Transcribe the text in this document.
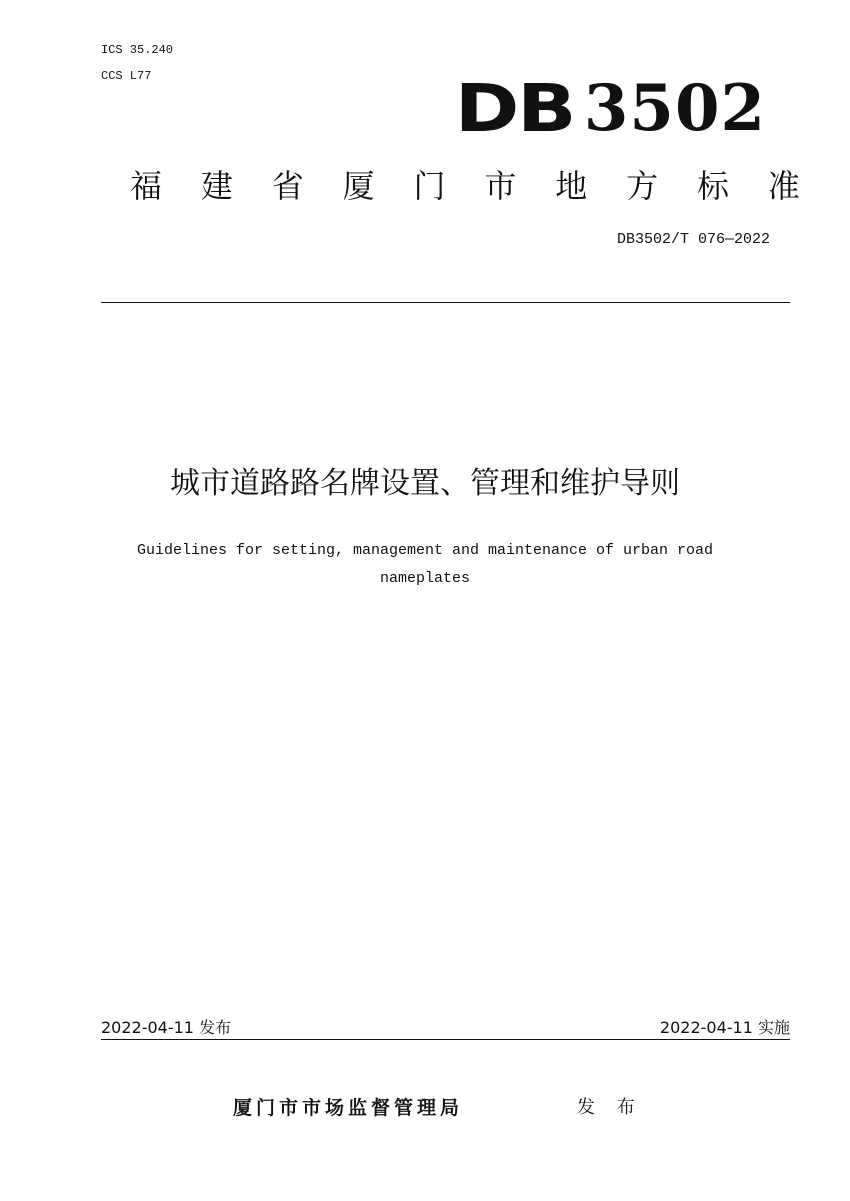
ICS 35.240
CCS L77	DB 3502
福 建 省 厦 门 市 地 方 标 准
DB3502/T 076—2022
城市道路路名牌设置、管理和维护导则
Guidelines for setting, management and maintenance of urban road
nameplates
2022-04-11 发布	2022-04-11 实施
厦门市市场监督管理局	发 布
